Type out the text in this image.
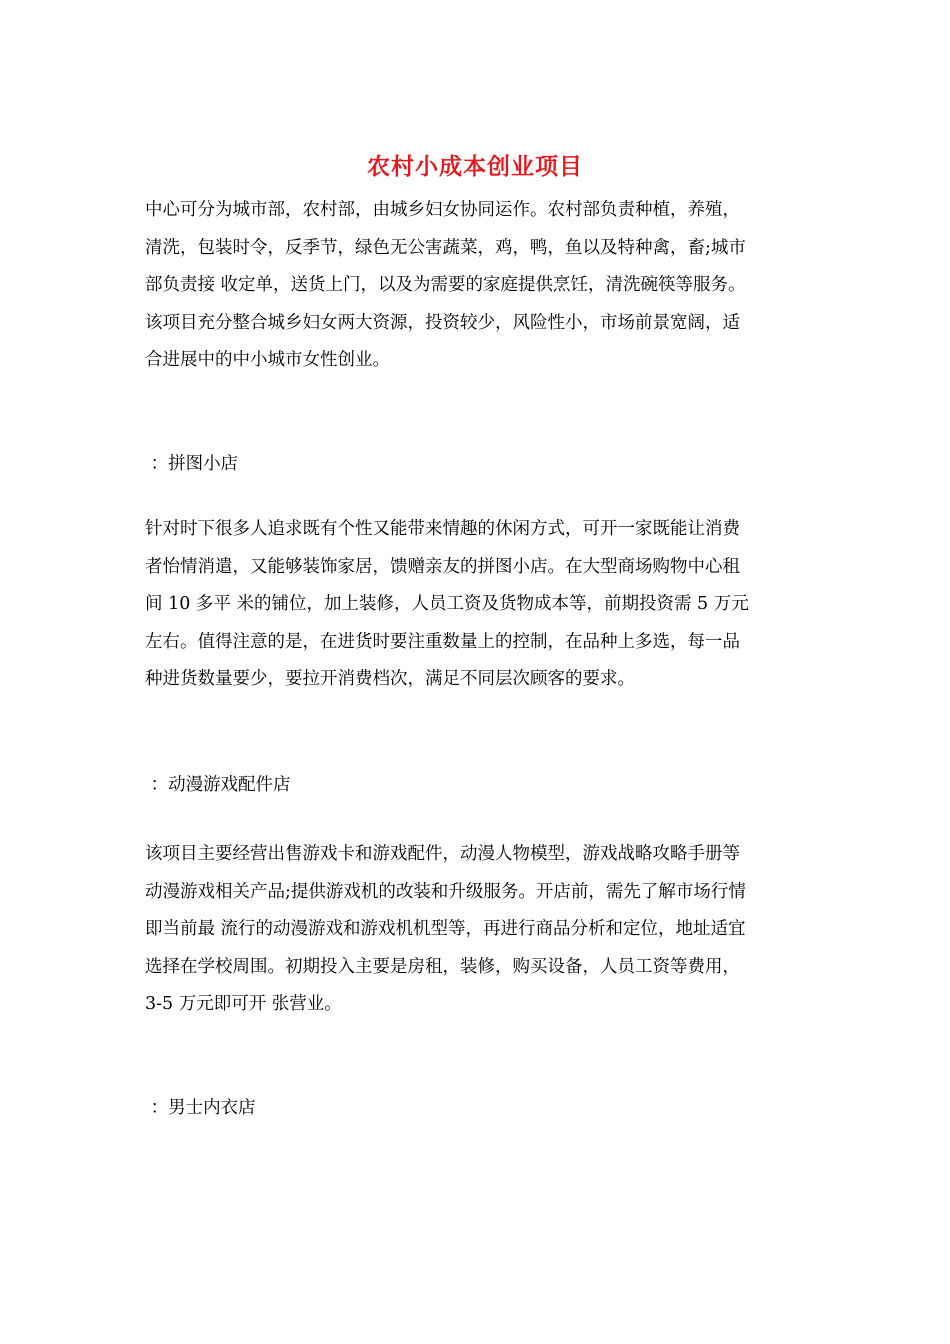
农村小成本创业项目
中心可分为城市部，农村部，由城乡妇女协同运作。农村部负责种植，养殖，
清洗，包装时令，反季节，绿色无公害蔬菜，鸡，鸭，鱼以及特种禽，畜;城市
部负责接 收定单，送货上门，以及为需要的家庭提供烹饪，清洗碗筷等服务。
该项目充分整合城乡妇女两大资源，投资较少，风险性小，市场前景宽阔，适
合进展中的中小城市女性创业。
：拼图小店
针对时下很多人追求既有个性又能带来情趣的休闲方式，可开一家既能让消费
者怡情消遣，又能够装饰家居，馈赠亲友的拼图小店。在大型商场购物中心租
间 10 多平 米的铺位，加上装修，人员工资及货物成本等，前期投资需 5 万元
左右。值得注意的是，在进货时要注重数量上的控制，在品种上多选，每一品
种进货数量要少，要拉开消费档次，满足不同层次顾客的要求。
：动漫游戏配件店
该项目主要经营出售游戏卡和游戏配件，动漫人物模型，游戏战略攻略手册等
动漫游戏相关产品;提供游戏机的改装和升级服务。开店前，需先了解市场行情
即当前最 流行的动漫游戏和游戏机机型等，再进行商品分析和定位，地址适宜
选择在学校周围。初期投入主要是房租，装修，购买设备，人员工资等费用，
3-5 万元即可开 张营业。
：男士内衣店
